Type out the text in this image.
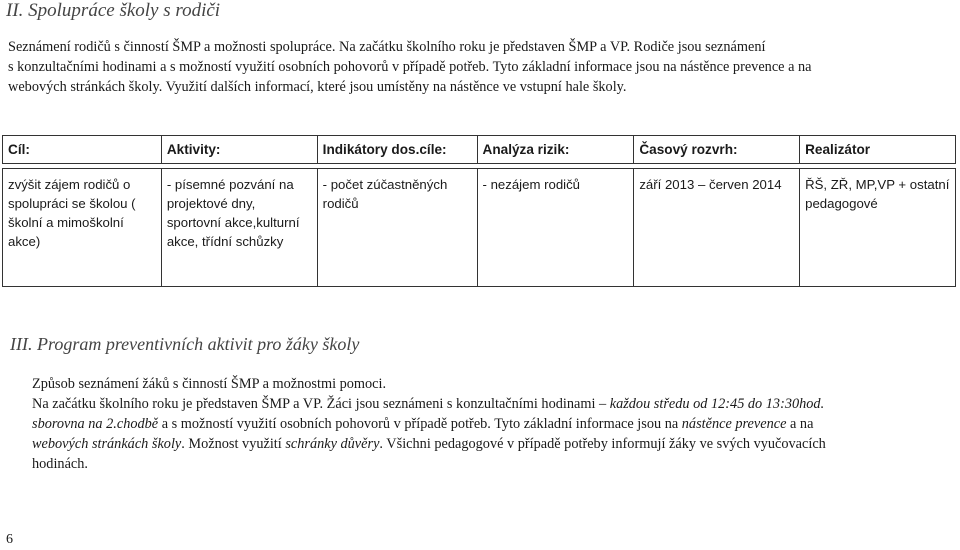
II. Spolupráce školy s rodiči
Seznámení rodičů s činností ŠMP a možnosti spolupráce. Na začátku školního roku je představen ŠMP a VP. Rodiče jsou seznámení
s konzultačními hodinami a s možností využití osobních pohovorů v případě potřeb. Tyto základní informace jsou na nástěnce prevence a na
webových stránkách školy. Využití dalších informací, které jsou umístěny na nástěnce ve vstupní hale školy.
Cíl:	Aktivity:	Indikátory dos.cíle:	Analýza rizik:	Časový rozvrh:	Realizátor

zvýšit zájem rodičů o spolupráci se školou ( školní a mimoškolní akce)	- písemné pozvání na projektové dny, sportovní akce,kulturní akce, třídní schůzky	- počet zúčastněných rodičů	- nezájem rodičů	září 2013 – červen 2014	ŘŠ, ZŘ, MP,VP + ostatní pedagogové
III. Program preventivních aktivit pro žáky školy
Způsob seznámení žáků s činností ŠMP a možnostmi pomoci.
Na začátku školního roku je představen ŠMP a VP. Žáci jsou seznámeni s konzultačními hodinami – každou středu od 12:45 do 13:30hod.
sborovna na 2.chodbě a s možností využití osobních pohovorů v případě potřeb. Tyto základní informace jsou na nástěnce prevence a na
webových stránkách školy. Možnost využití schránky důvěry. Všichni pedagogové v případě potřeby informují žáky ve svých vyučovacích
hodinách.
6
